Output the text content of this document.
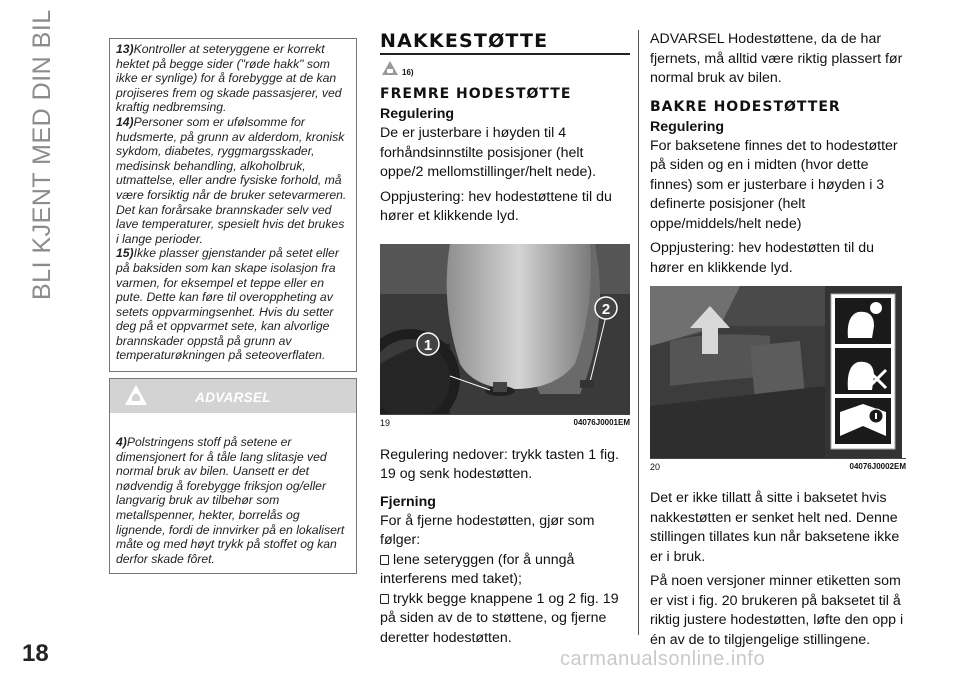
BLI KJENT MED DIN BIL	13)Kontroller at seteryggene er korrekt hektet på begge sider ("røde hakk" som ikke er synlige) for å forebygge at de kan projiseres frem og skade passasjerer, ved kraftig nedbremsing.

14)Personer som er ufølsomme for hudsmerte, på grunn av alderdom, kronisk sykdom, diabetes, ryggmargsskader, medisinsk behandling, alkoholbruk, utmattelse, eller andre fysiske forhold, må være forsiktig når de bruker setevarmeren. Det kan forårsake brannskader selv ved lave temperaturer, spesielt hvis det brukes i lange perioder.

15)Ikke plasser gjenstander på setet eller på baksiden som kan skape isolasjon fra varmen, for eksempel et teppe eller en pute. Dette kan føre til overoppheting av setets oppvarmingsenhet. Hvis du setter deg på et oppvarmet sete, kan alvorlige brannskader oppstå på grunn av temperaturøkningen på seteoverflaten.

ADVARSEL

4)Polstringens stoff på setene er dimensjonert for å tåle lang slitasje ved normal bruk av bilen. Uansett er det nødvendig å forebygge friksjon og/eller langvarig bruk av tilbehør som metallspenner, hekter, borrelås og lignende, fordi de innvirker på en lokalisert måte og med høyt trykk på stoffet og kan derfor skade fôret.

NAKKESTØTTE
16)
FREMRE HODESTØTTE
Regulering

De er justerbare i høyden til 4 forhåndsinnstilte posisjoner (helt oppe/2 mellomstillinger/helt nede).

Oppjustering: hev hodestøttene til du hører et klikkende lyd.

1
2
19	04076J0001EM

Regulering nedover: trykk tasten 1 fig. 19 og senk hodestøtten.

Fjerning

For å fjerne hodestøtten, gjør som følger:

lene seteryggen (for å unngå interferens med taket);

trykk begge knappene 1 og 2 fig. 19 på siden av de to støttene, og fjerne deretter hodestøtten.

ADVARSEL Hodestøttene, da de har fjernets, må alltid være riktig plassert før normal bruk av bilen.

BAKRE HODESTØTTER
Regulering

For baksetene finnes det to hodestøtter på siden og en i midten (hvor dette finnes) som er justerbare i høyden i 3 definerte posisjoner (helt oppe/middels/helt nede)

Oppjustering: hev hodestøtten til du hører en klikkende lyd.

20	04076J0002EM

Det er ikke tillatt å sitte i baksetet hvis nakkestøtten er senket helt ned. Denne stillingen tillates kun når baksetene ikke er i bruk.

På noen versjoner minner etiketten som er vist i fig. 20 brukeren på baksetet til å riktig justere hodestøtten, løfte den opp i én av de to tilgjengelige stillingene.

18	carmanualsonline.info
